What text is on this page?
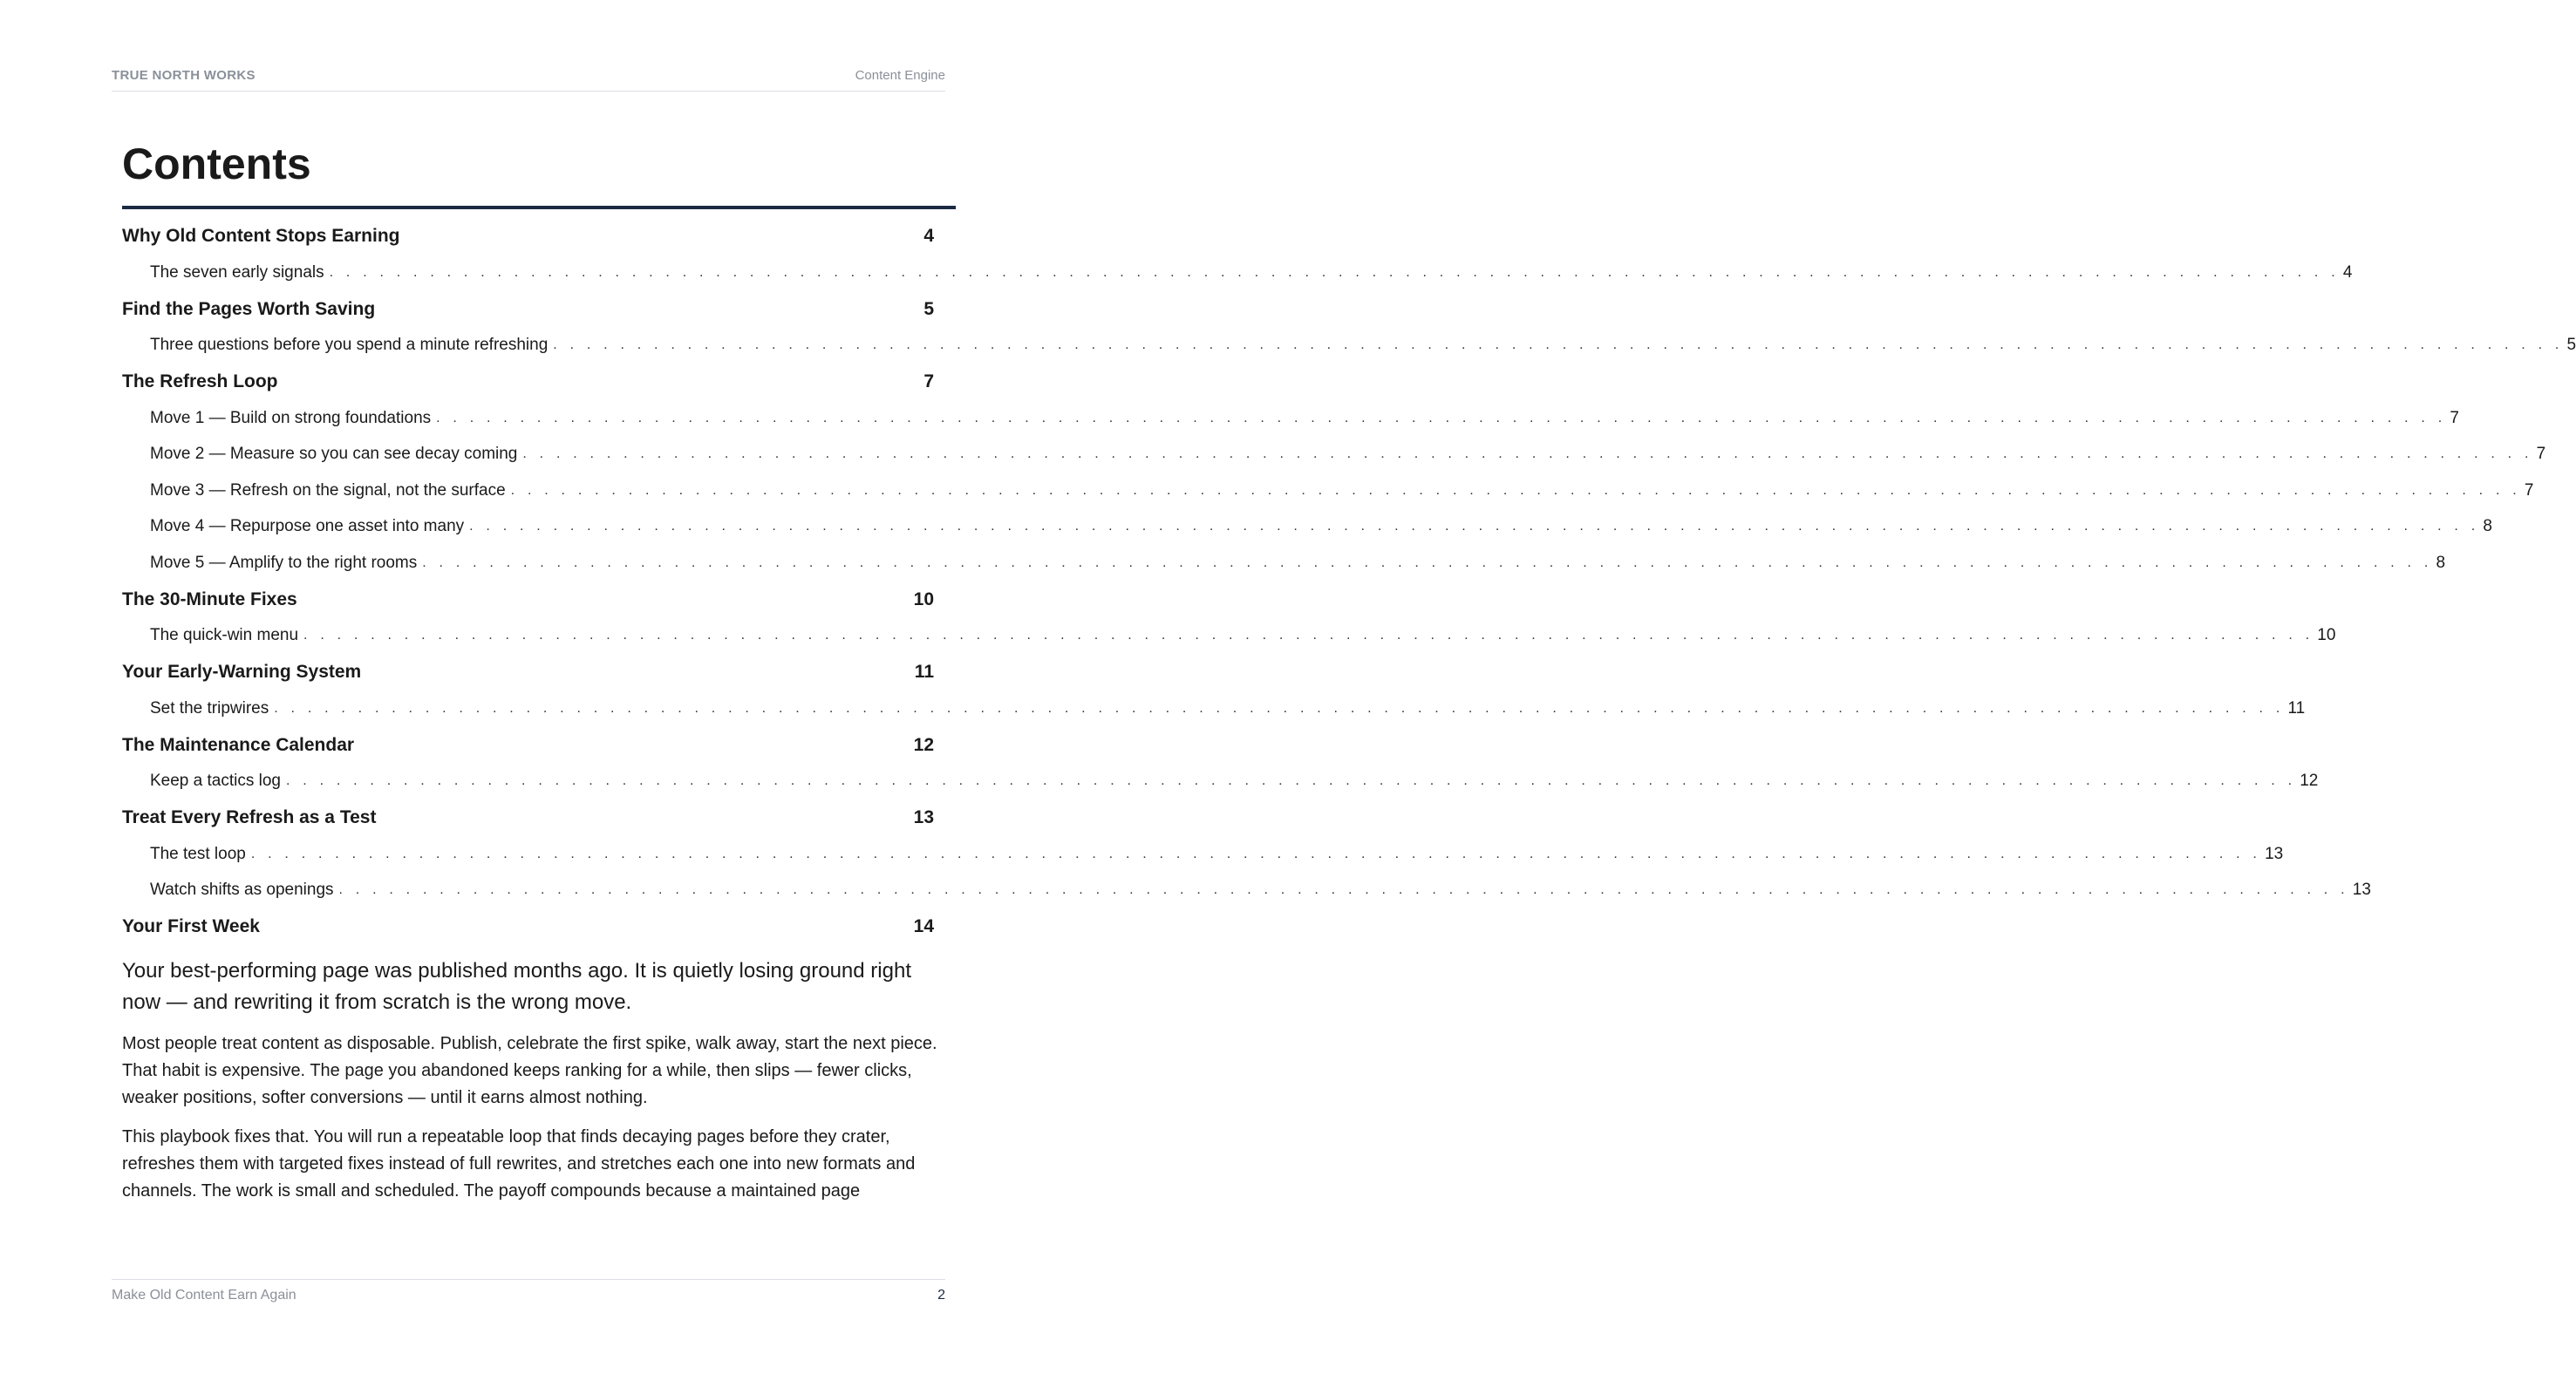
TRUE NORTH WORKS	Content Engine
Contents
Why Old Content Stops Earning	4
The seven early signals . . . . . . . . . . . . . . . . . . . . . . . . . . . . . . . . . . . . . . . . . . . . . . . . . . . . . . . . . . . . . . . . . . . . . . . . . . . . . . . . . . . . . . . . . . . . . . . . . . . . . . . . . . . . . . . . . . . . . . . . 4
Find the Pages Worth Saving	5
Three questions before you spend a minute refreshing . . . . . . . . . . . . . . . . . . . . . . . . . . . . . . . . . . . . . . . . . . . . . . . . . . . . . . . . . . . . . . . . . . . . . . . . . . . . . . . . . . . . . . . . . . . . . . . . . . . . . . . . . . . . . . . . . . . . . . . . 5
The Refresh Loop	7
Move 1 — Build on strong foundations . . . . . . . . . . . . . . . . . . . . . . . . . . . . . . . . . . . . . . . . . . . . . . . . . . . . . . . . . . . . . . . . . . . . . . . . . . . . . . . . . . . . . . . . . . . . . . . . . . . . . . . . . . . . . . . . . . . . . . . . 7
Move 2 — Measure so you can see decay coming . . . . . . . . . . . . . . . . . . . . . . . . . . . . . . . . . . . . . . . . . . . . . . . . . . . . . . . . . . . . . . . . . . . . . . . . . . . . . . . . . . . . . . . . . . . . . . . . . . . . . . . . . . . . . . . . . . . . . . . . 7
Move 3 — Refresh on the signal, not the surface . . . . . . . . . . . . . . . . . . . . . . . . . . . . . . . . . . . . . . . . . . . . . . . . . . . . . . . . . . . . . . . . . . . . . . . . . . . . . . . . . . . . . . . . . . . . . . . . . . . . . . . . . . . . . . . . . . . . . . . . 7
Move 4 — Repurpose one asset into many . . . . . . . . . . . . . . . . . . . . . . . . . . . . . . . . . . . . . . . . . . . . . . . . . . . . . . . . . . . . . . . . . . . . . . . . . . . . . . . . . . . . . . . . . . . . . . . . . . . . . . . . . . . . . . . . . . . . . . . . 8
Move 5 — Amplify to the right rooms . . . . . . . . . . . . . . . . . . . . . . . . . . . . . . . . . . . . . . . . . . . . . . . . . . . . . . . . . . . . . . . . . . . . . . . . . . . . . . . . . . . . . . . . . . . . . . . . . . . . . . . . . . . . . . . . . . . . . . . . 8
The 30-Minute Fixes	10
The quick-win menu . . . . . . . . . . . . . . . . . . . . . . . . . . . . . . . . . . . . . . . . . . . . . . . . . . . . . . . . . . . . . . . . . . . . . . . . . . . . . . . . . . . . . . . . . . . . . . . . . . . . . . . . . . . . . . . . . . . . . . . . 10
Your Early-Warning System	11
Set the tripwires . . . . . . . . . . . . . . . . . . . . . . . . . . . . . . . . . . . . . . . . . . . . . . . . . . . . . . . . . . . . . . . . . . . . . . . . . . . . . . . . . . . . . . . . . . . . . . . . . . . . . . . . . . . . . . . . . . . . . . . . 11
The Maintenance Calendar	12
Keep a tactics log . . . . . . . . . . . . . . . . . . . . . . . . . . . . . . . . . . . . . . . . . . . . . . . . . . . . . . . . . . . . . . . . . . . . . . . . . . . . . . . . . . . . . . . . . . . . . . . . . . . . . . . . . . . . . . . . . . . . . . . . 12
Treat Every Refresh as a Test	13
The test loop . . . . . . . . . . . . . . . . . . . . . . . . . . . . . . . . . . . . . . . . . . . . . . . . . . . . . . . . . . . . . . . . . . . . . . . . . . . . . . . . . . . . . . . . . . . . . . . . . . . . . . . . . . . . . . . . . . . . . . . . 13
Watch shifts as openings . . . . . . . . . . . . . . . . . . . . . . . . . . . . . . . . . . . . . . . . . . . . . . . . . . . . . . . . . . . . . . . . . . . . . . . . . . . . . . . . . . . . . . . . . . . . . . . . . . . . . . . . . . . . . . . . . . . . . . . . 13
Your First Week	14

Your best-performing page was published months ago. It is quietly losing ground right now — and rewriting it from scratch is the wrong move.

Most people treat content as disposable. Publish, celebrate the first spike, walk away, start the next piece. That habit is expensive. The page you abandoned keeps ranking for a while, then slips — fewer clicks, weaker positions, softer conversions — until it earns almost nothing.

This playbook fixes that. You will run a repeatable loop that finds decaying pages before they crater, refreshes them with targeted fixes instead of full rewrites, and stretches each one into new formats and channels. The work is small and scheduled. The payoff compounds because a maintained page

Make Old Content Earn Again	2
